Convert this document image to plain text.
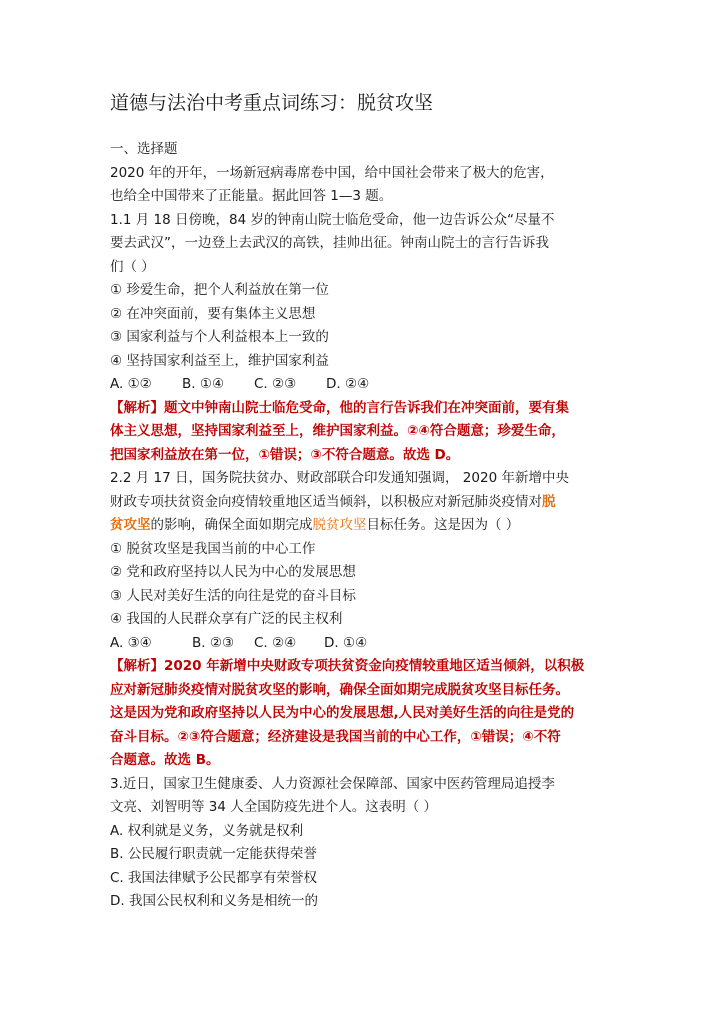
道德与法治中考重点词练习：脱贫攻坚

一、选择题

2020 年的开年，一场新冠病毒席卷中国，给中国社会带来了极大的危害，

也给全中国带来了正能量。据此回答 1—3 题。

1.1 月 18 日傍晚，84 岁的钟南山院士临危受命，他一边告诉公众“尽量不

要去武汉”，一边登上去武汉的高铁，挂帅出征。钟南山院士的言行告诉我

们（ ）

① 珍爱生命，把个人利益放在第一位

② 在冲突面前，要有集体主义思想

③ 国家利益与个人利益根本上一致的

④ 坚持国家利益至上，维护国家利益

A. ①② B. ①④ C. ②③ D. ②④

【解析】题文中钟南山院士临危受命，他的言行告诉我们在冲突面前，要有集

体主义思想，坚持国家利益至上，维护国家利益。②④符合题意；珍爱生命，

把国家利益放在第一位，①错误；③不符合题意。故选 D。

2.2 月 17 日，国务院扶贫办、财政部联合印发通知强调， 2020 年新增中央

财政专项扶贫资金向疫情较重地区适当倾斜，以积极应对新冠肺炎疫情对脱

贫攻坚的影响，确保全面如期完成脱贫攻坚目标任务。这是因为（ ）

① 脱贫攻坚是我国当前的中心工作

② 党和政府坚持以人民为中心的发展思想

③ 人民对美好生活的向往是党的奋斗目标

④ 我国的人民群众享有广泛的民主权利

A. ③④	B. ②③ C. ②④ D. ①④

【解析】2020 年新增中央财政专项扶贫资金向疫情较重地区适当倾斜，以积极

应对新冠肺炎疫情对脱贫攻坚的影响，确保全面如期完成脱贫攻坚目标任务。

这是因为党和政府坚持以人民为中心的发展思想,人民对美好生活的向往是党的

奋斗目标。②③符合题意；经济建设是我国当前的中心工作，①错误；④不符

合题意。故选 B。

3.近日，国家卫生健康委、人力资源社会保障部、国家中医药管理局追授李

文亮、刘智明等 34 人全国防疫先进个人。这表明（ ）

A. 权利就是义务，义务就是权利

B. 公民履行职责就一定能获得荣誉

C. 我国法律赋予公民都享有荣誉权

D. 我国公民权利和义务是相统一的
